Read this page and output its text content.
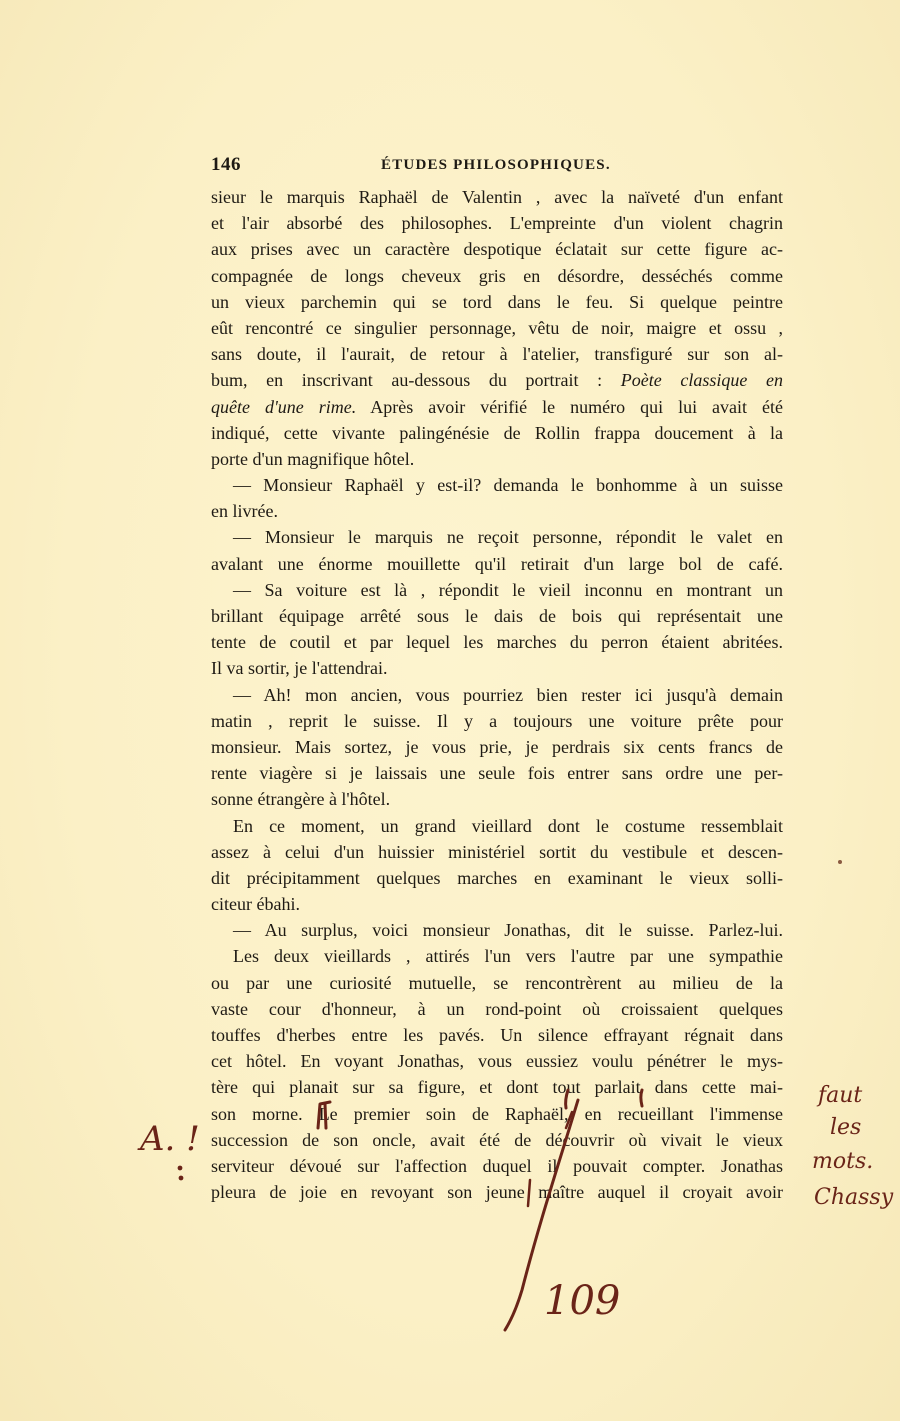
146	ÉTUDES PHILOSOPHIQUES.
sieur le marquis Raphaël de Valentin , avec la naïveté d'un enfant
et l'air absorbé des philosophes. L'empreinte d'un violent chagrin
aux prises avec un caractère despotique éclatait sur cette figure ac-
compagnée de longs cheveux gris en désordre, desséchés comme
un vieux parchemin qui se tord dans le feu. Si quelque peintre
eût rencontré ce singulier personnage, vêtu de noir, maigre et ossu ,
sans doute, il l'aurait, de retour à l'atelier, transfiguré sur son al-
bum, en inscrivant au-dessous du portrait : Poète classique en
quête d'une rime. Après avoir vérifié le numéro qui lui avait été
indiqué, cette vivante palingénésie de Rollin frappa doucement à la
porte d'un magnifique hôtel.
— Monsieur Raphaël y est-il? demanda le bonhomme à un suisse
en livrée.
— Monsieur le marquis ne reçoit personne, répondit le valet en
avalant une énorme mouillette qu'il retirait d'un large bol de café.
— Sa voiture est là , répondit le vieil inconnu en montrant un
brillant équipage arrêté sous le dais de bois qui représentait une
tente de coutil et par lequel les marches du perron étaient abritées.
Il va sortir, je l'attendrai.
— Ah! mon ancien, vous pourriez bien rester ici jusqu'à demain
matin , reprit le suisse. Il y a toujours une voiture prête pour
monsieur. Mais sortez, je vous prie, je perdrais six cents francs de
rente viagère si je laissais une seule fois entrer sans ordre une per-
sonne étrangère à l'hôtel.
En ce moment, un grand vieillard dont le costume ressemblait
assez à celui d'un huissier ministériel sortit du vestibule et descen-
dit précipitamment quelques marches en examinant le vieux solli-
citeur ébahi.
— Au surplus, voici monsieur Jonathas, dit le suisse. Parlez-lui.
Les deux vieillards , attirés l'un vers l'autre par une sympathie
ou par une curiosité mutuelle, se rencontrèrent au milieu de la
vaste cour d'honneur, à un rond-point où croissaient quelques
touffes d'herbes entre les pavés. Un silence effrayant régnait dans
cet hôtel. En voyant Jonathas, vous eussiez voulu pénétrer le mys-
tère qui planait sur sa figure, et dont tout parlait dans cette mai-
son morne. Le premier soin de Raphaël, en recueillant l'immense
succession de son oncle, avait été de découvrir où vivait le vieux
serviteur dévoué sur l'affection duquel il pouvait compter. Jonathas
pleura de joie en revoyant son jeune maître auquel il croyait avoir
A. !
109
faut
les
mots.
Chassy
